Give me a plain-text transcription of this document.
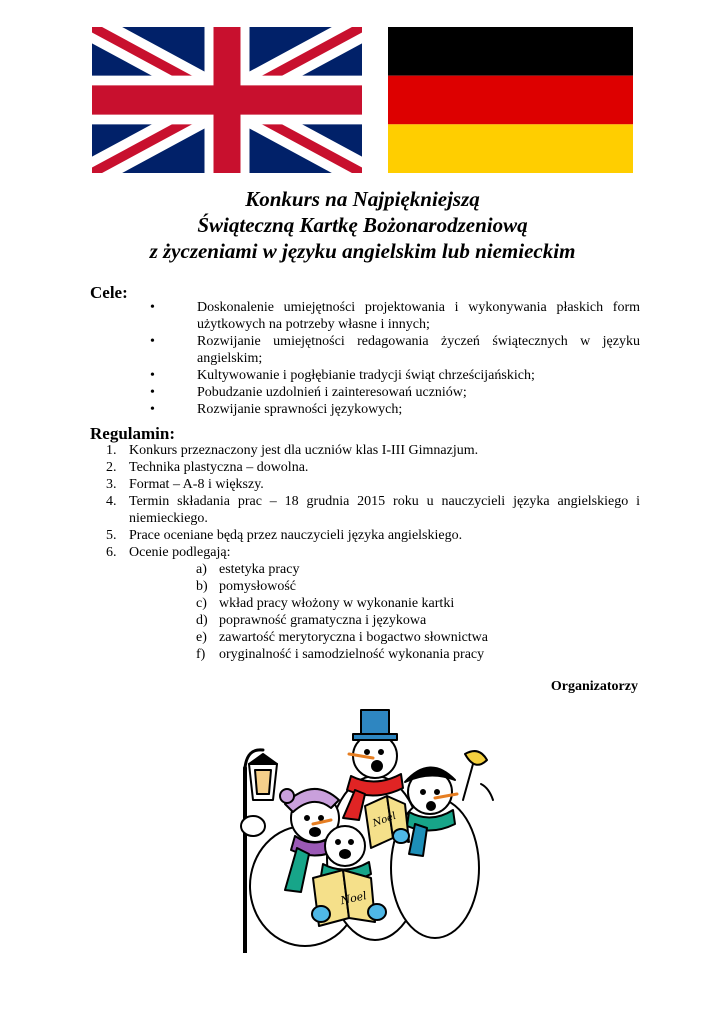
Konkurs na Najpiękniejszą
Świąteczną Kartkę Bożonarodzeniową
z życzeniami w języku angielskim lub niemieckim
Cele:
•	Doskonalenie umiejętności projektowania i wykonywania płaskich form użytkowych na potrzeby własne i innych;
•	Rozwijanie umiejętności redagowania życzeń świątecznych w języku angielskim;
•	Kultywowanie i pogłębianie tradycji świąt chrześcijańskich;
•	Pobudzanie uzdolnień i zainteresowań uczniów;
•	Rozwijanie sprawności językowych;
Regulamin:
1. Konkurs przeznaczony jest dla uczniów klas I-III Gimnazjum.
2. Technika plastyczna – dowolna.
3. Format – A-8 i większy.
4. Termin składania prac – 18 grudnia 2015 roku u nauczycieli języka angielskiego i niemieckiego.
5. Prace oceniane będą przez nauczycieli języka angielskiego.
6. Ocenie podlegają:
a) estetyka pracy
b) pomysłowość
c) wkład pracy włożony w wykonanie kartki
d) poprawność gramatyczna i językowa
e) zawartość merytoryczna i bogactwo słownictwa
f) oryginalność i samodzielność wykonania pracy
Organizatorzy
Noel
Noel
